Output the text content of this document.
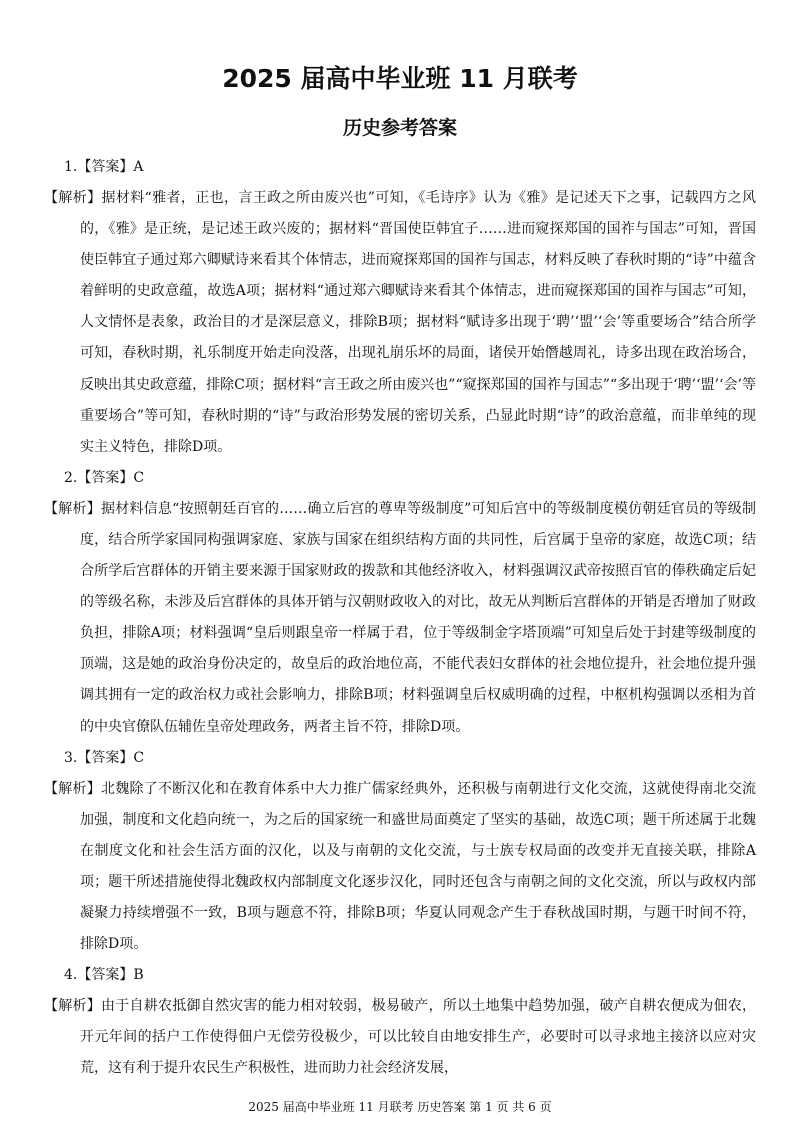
2025 届高中毕业班 11 月联考
历史参考答案

1.【答案】A

【解析】据材料“雅者，正也，言王政之所由废兴也”可知，《毛诗序》认为《雅》是记述天下之事，记载四方之风的，《雅》是正统，是记述王政兴废的；据材料“晋国使臣韩宜子……进而窥探郑国的国祚与国志”可知，晋国使臣韩宜子通过郑六卿赋诗来看其个体情志，进而窥探郑国的国祚与国志，材料反映了春秋时期的“诗”中蕴含着鲜明的史政意蕴，故选A项；据材料“通过郑六卿赋诗来看其个体情志，进而窥探郑国的国祚与国志”可知，人文情怀是表象，政治目的才是深层意义，排除B项；据材料“赋诗多出现于‘聘’‘盟’‘会’等重要场合”结合所学可知，春秋时期，礼乐制度开始走向没落，出现礼崩乐坏的局面，诸侯开始僭越周礼，诗多出现在政治场合，反映出其史政意蕴，排除C项；据材料“言王政之所由废兴也”“窥探郑国的国祚与国志”“多出现于‘聘’‘盟’‘会’等重要场合”等可知，春秋时期的“诗”与政治形势发展的密切关系，凸显此时期“诗”的政治意蕴，而非单纯的现实主义特色，排除D项。

2.【答案】C

【解析】据材料信息“按照朝廷百官的……确立后宫的尊卑等级制度”可知后宫中的等级制度模仿朝廷官员的等级制度，结合所学家国同构强调家庭、家族与国家在组织结构方面的共同性，后宫属于皇帝的家庭，故选C项；结合所学后宫群体的开销主要来源于国家财政的拨款和其他经济收入，材料强调汉武帝按照百官的俸秩确定后妃的等级名称，未涉及后宫群体的具体开销与汉朝财政收入的对比，故无从判断后宫群体的开销是否增加了财政负担，排除A项；材料强调“皇后则跟皇帝一样属于君，位于等级制金字塔顶端”可知皇后处于封建等级制度的顶端，这是她的政治身份决定的，故皇后的政治地位高，不能代表妇女群体的社会地位提升，社会地位提升强调其拥有一定的政治权力或社会影响力，排除B项；材料强调皇后权威明确的过程，中枢机构强调以丞相为首的中央官僚队伍辅佐皇帝处理政务，两者主旨不符，排除D项。

3.【答案】C

【解析】北魏除了不断汉化和在教育体系中大力推广儒家经典外，还积极与南朝进行文化交流，这就使得南北交流加强，制度和文化趋向统一，为之后的国家统一和盛世局面奠定了坚实的基础，故选C项；题干所述属于北魏在制度文化和社会生活方面的汉化，以及与南朝的文化交流，与士族专权局面的改变并无直接关联，排除A项；题干所述措施使得北魏政权内部制度文化逐步汉化，同时还包含与南朝之间的文化交流，所以与政权内部凝聚力持续增强不一致，B项与题意不符，排除B项；华夏认同观念产生于春秋战国时期，与题干时间不符，排除D项。

4.【答案】B

【解析】由于自耕农抵御自然灾害的能力相对较弱，极易破产，所以土地集中趋势加强，破产自耕农便成为佃农，开元年间的括户工作使得佃户无偿劳役极少，可以比较自由地安排生产，必要时可以寻求地主接济以应对灾荒，这有利于提升农民生产积极性，进而助力社会经济发展，

2025 届高中毕业班 11 月联考 历史答案 第 1 页 共 6 页
